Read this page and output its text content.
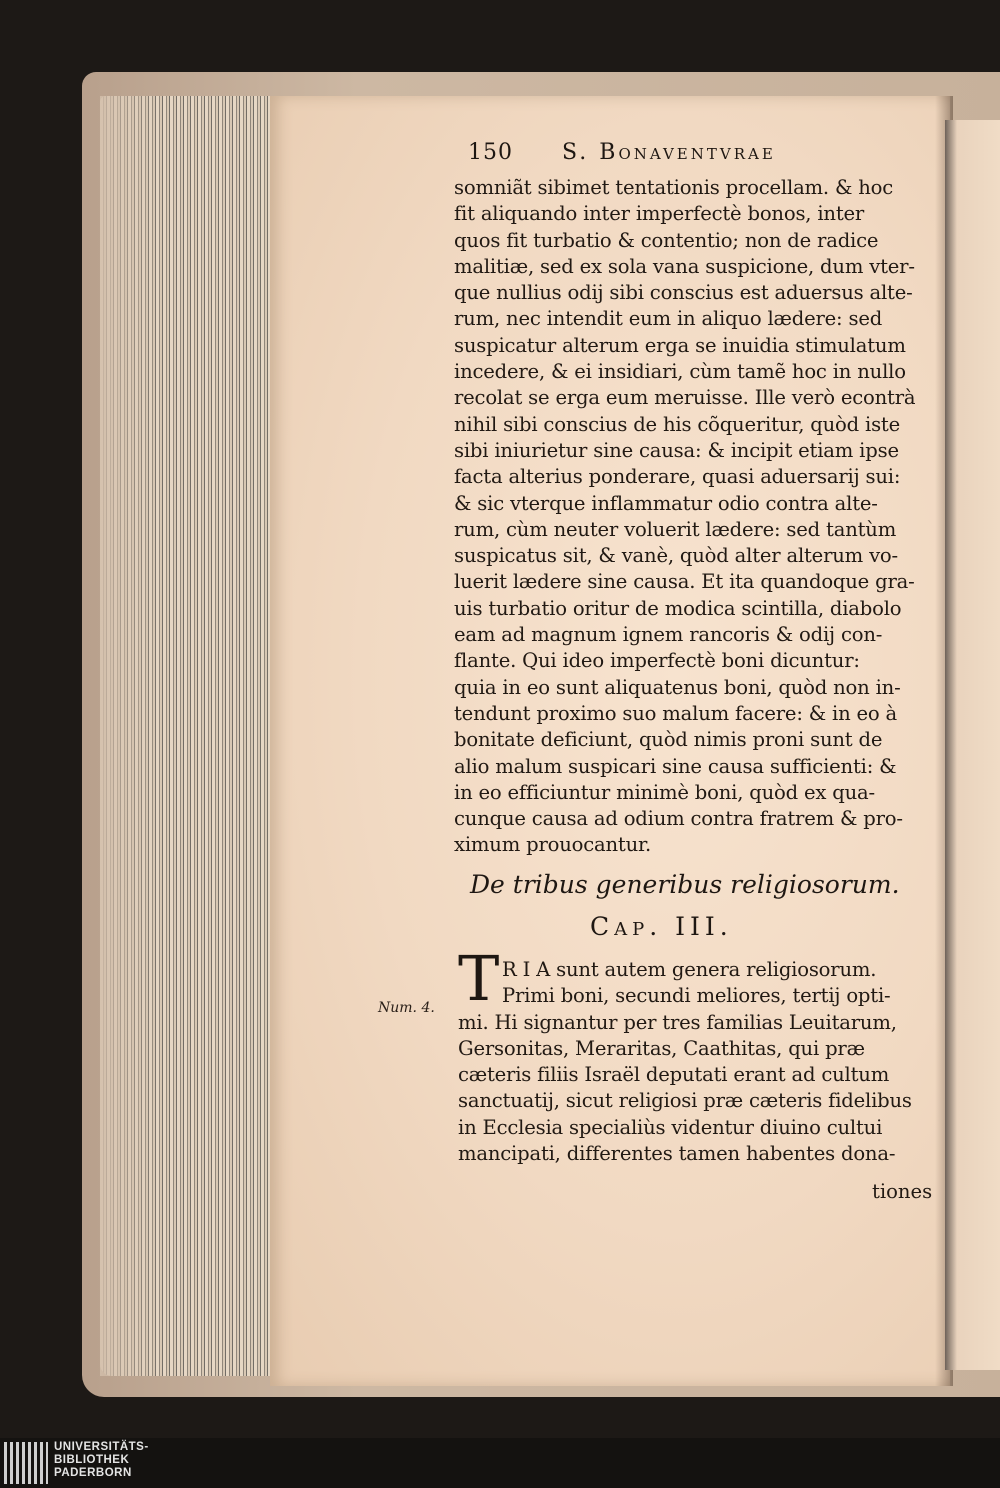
150 S. Bonaventvrae
somniãt sibimet tentationis procellam. & hoc
fit aliquando inter imperfectè bonos, inter
quos fit turbatio & contentio; non de radice
malitiæ, sed ex sola vana suspicione, dum vter-
que nullius odij sibi conscius est aduersus alte-
rum, nec intendit eum in aliquo lædere: sed
suspicatur alterum erga se inuidia stimulatum
incedere, & ei insidiari, cùm tamẽ hoc in nullo
recolat se erga eum meruisse. Ille verò econtrà
nihil sibi conscius de his cõqueritur, quòd iste
sibi iniurietur sine causa: & incipit etiam ipse
facta alterius ponderare, quasi aduersarij sui:
& sic vterque inflammatur odio contra alte-
rum, cùm neuter voluerit lædere: sed tantùm
suspicatus sit, & vanè, quòd alter alterum vo-
luerit lædere sine causa. Et ita quandoque gra-
uis turbatio oritur de modica scintilla, diabolo
eam ad magnum ignem rancoris & odij con-
flante. Qui ideo imperfectè boni dicuntur:
quia in eo sunt aliquatenus boni, quòd non in-
tendunt proximo suo malum facere: & in eo à
bonitate deficiunt, quòd nimis proni sunt de
alio malum suspicari sine causa sufficienti: &
in eo efficiuntur minimè boni, quòd ex qua-
cunque causa ad odium contra fratrem & pro-
ximum prouocantur.
De tribus generibus religiosorum.
Cap. III.
T R I A sunt autem genera religiosorum.
Primi boni, secundi meliores, tertij opti-
mi. Hi signantur per tres familias Leuitarum,
Gersonitas, Meraritas, Caathitas, qui præ
cæteris filiis Israël deputati erant ad cultum
sanctuatij, sicut religiosi præ cæteris fidelibus
in Ecclesia specialiùs videntur diuino cultui
mancipati, differentes tamen habentes dona-
Num. 4.
tiones
UNIVERSITÄTS-
BIBLIOTHEK
PADERBORN
